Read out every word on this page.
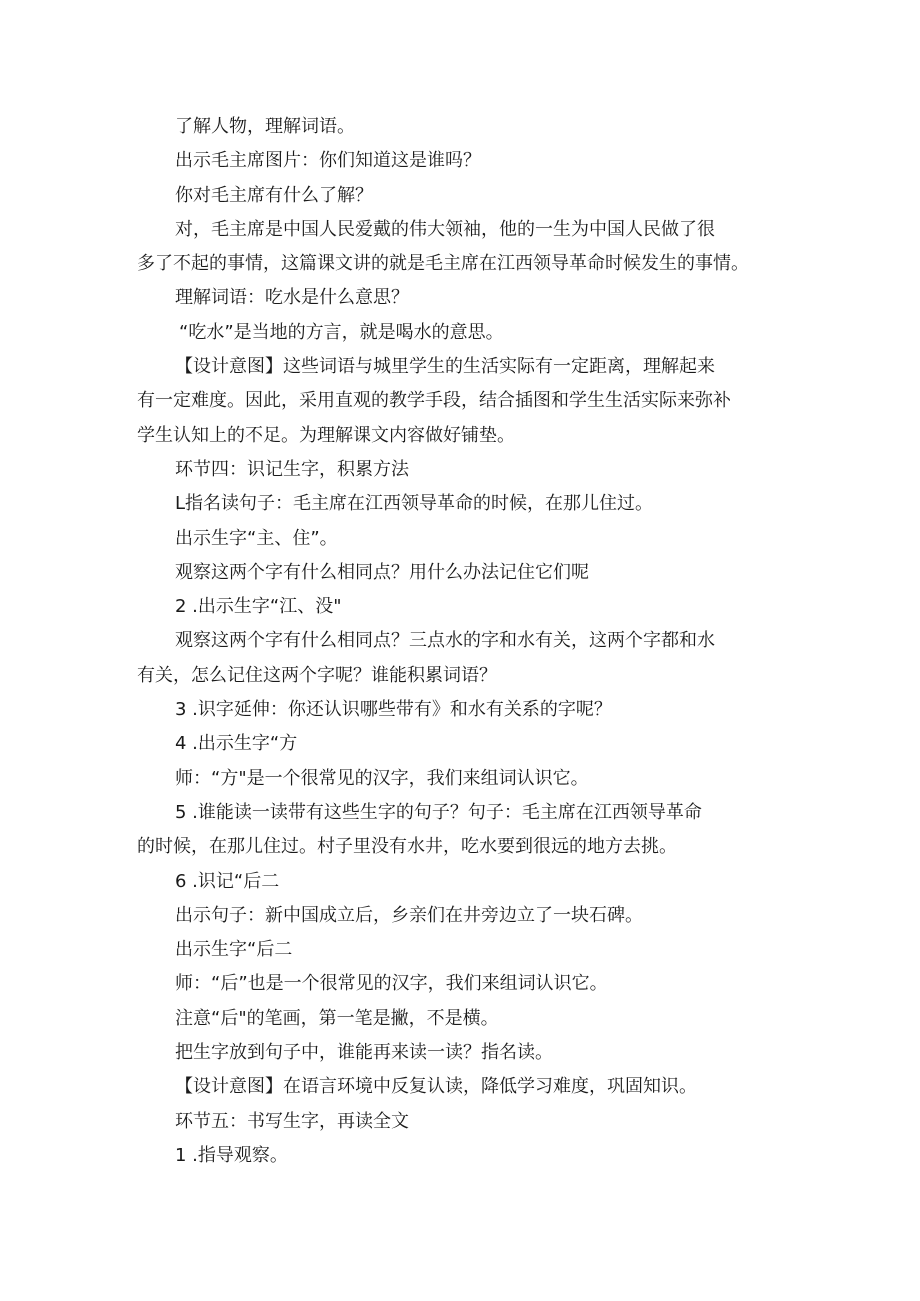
了解人物，理解词语。
出示毛主席图片：你们知道这是谁吗？
你对毛主席有什么了解？
对，毛主席是中国人民爱戴的伟大领袖，他的一生为中国人民做了很
多了不起的事情，这篇课文讲的就是毛主席在江西领导革命时候发生的事情。
理解词语：吃水是什么意思？
“吃水”是当地的方言，就是喝水的意思。
【设计意图】这些词语与城里学生的生活实际有一定距离，理解起来
有一定难度。因此，采用直观的教学手段，结合插图和学生生活实际来弥补
学生认知上的不足。为理解课文内容做好铺垫。
环节四：识记生字，积累方法
L指名读句子：毛主席在江西领导革命的时候，在那儿住过。
出示生字“主、住”。
观察这两个字有什么相同点？用什么办法记住它们呢
2 .出示生字“江、没"
观察这两个字有什么相同点？三点水的字和水有关，这两个字都和水
有关，怎么记住这两个字呢？谁能积累词语？
3 .识字延伸：你还认识哪些带有》和水有关系的字呢？
4 .出示生字“方
师：“方"是一个很常见的汉字，我们来组词认识它。
5 .谁能读一读带有这些生字的句子？句子：毛主席在江西领导革命
的时候，在那儿住过。村子里没有水井，吃水要到很远的地方去挑。
6 .识记“后二
出示句子：新中国成立后，乡亲们在井旁边立了一块石碑。
出示生字“后二
师：“后”也是一个很常见的汉字，我们来组词认识它。
注意“后"的笔画，第一笔是撇，不是横。
把生字放到句子中，谁能再来读一读？指名读。
【设计意图】在语言环境中反复认读，降低学习难度，巩固知识。
环节五：书写生字，再读全文
1 .指导观察。
